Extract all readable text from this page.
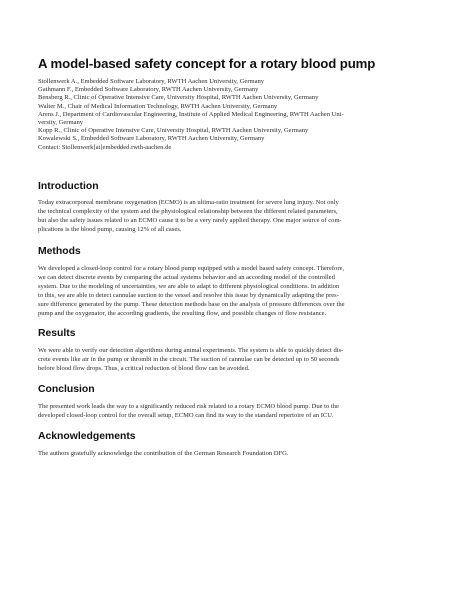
A model-based safety concept for a rotary blood pump
Stollenwerk A., Embedded Software Laboratory, RWTH Aachen University, Germany
Gathmann F., Embedded Software Laboratory, RWTH Aachen University, Germany
Bensberg R., Clinic of Operative Intensive Care, University Hospital, RWTH Aachen University, Germany
Walter M., Chair of Medical Information Technology, RWTH Aachen University, Germany
Arens J., Department of Cardiovascular Engineering, Institute of Applied Medical Engineering, RWTH Aachen Uni-
versity, Germany
Kopp R., Clinic of Operative Intensive Care, University Hospital, RWTH Aachen University, Germany
Kowalewski S., Embedded Software Laboratory, RWTH Aachen University, Germany
Contact: Stollenwerk[at]embedded.rwth-aachen.de
Introduction
Today extracorporeal membrane oxygenation (ECMO) is an ultima-ratio treatment for severe lung injury. Not only
the technical complexity of the system and the physiological relationship between the different related parameters,
but also the safety issues related to an ECMO cause it to be a very rarely applied therapy. One major source of com-
plications is the blood pump, causing 12% of all cases.
Methods
We developed a closed-loop control for a rotary blood pump equipped with a model based safety concept. Therefore,
we can detect discrete events by comparing the actual systems behavior and an according model of the controlled
system. Due to the modeling of uncertainties, we are able to adapt to different physiological conditions. In addition
to this, we are able to detect cannulae suction to the vessel and resolve this issue by dynamically adapting the pres-
sure difference generated by the pump. These detection methods base on the analysis of pressure differences over the
pump and the oxygenator, the according gradients, the resulting flow, and possible changes of flow resistance.
Results
We were able to verify our detection algorithms during animal experiments. The system is able to quickly detect dis-
crete events like air in the pump or thrombi in the circuit. The suction of cannulae can be detected up to 50 seconds
before blood flow drops. Thus, a critical reduction of blood flow can be avoided.
Conclusion
The presented work leads the way to a significantly reduced risk related to a rotary ECMO blood pump. Due to the
developed closed-loop control for the overall setup, ECMO can find its way to the standard repertoire of an ICU.
Acknowledgements
The authors gratefully acknowledge the contribution of the German Research Foundation DFG.
